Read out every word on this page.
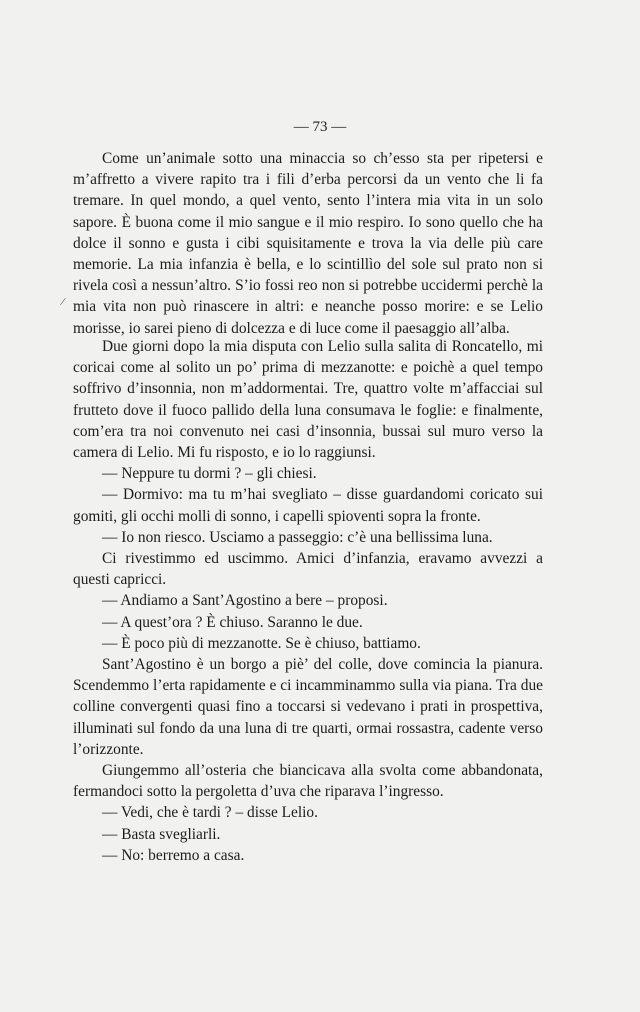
— 73 —
⁄

Come un’animale sotto una minaccia so ch’esso sta per ripetersi e m’affretto a vivere rapito tra i fili d’erba percorsi da un vento che li fa tremare. In quel mondo, a quel vento, sento l’intera mia vita in un solo sapore. È buona come il mio sangue e il mio respiro. Io sono quello che ha dolce il sonno e gusta i cibi squisitamente e trova la via delle più care memorie. La mia infanzia è bella, e lo scintillìo del sole sul prato non si rivela così a nessun’altro. S’io fossi reo non si potrebbe uccidermi perchè la mia vita non può rinascere in altri: e neanche posso morire: e se Lelio morisse, io sarei pieno di dolcezza e di luce come il paesaggio all’alba.

Due giorni dopo la mia disputa con Lelio sulla salita di Roncatello, mi coricai come al solito un po’ prima di mezzanotte: e poichè a quel tempo soffrivo d’insonnia, non m’addormentai. Tre, quattro volte m’affacciai sul frutteto dove il fuoco pallido della luna consumava le foglie: e finalmente, com’era tra noi convenuto nei casi d’insonnia, bussai sul muro verso la camera di Lelio. Mi fu risposto, e io lo raggiunsi.

— Neppure tu dormi ? – gli chiesi.

— Dormivo: ma tu m’hai svegliato – disse guardandomi coricato sui gomiti, gli occhi molli di sonno, i capelli spioventi sopra la fronte.

— Io non riesco. Usciamo a passeggio: c’è una bellissima luna.

Ci rivestimmo ed uscimmo. Amici d’infanzia, eravamo avvezzi a questi capricci.

— Andiamo a Sant’Agostino a bere – proposi.

— A quest’ora ? È chiuso. Saranno le due.

— È poco più di mezzanotte. Se è chiuso, battiamo.

Sant’Agostino è un borgo a piè’ del colle, dove comincia la pianura. Scendemmo l’erta rapidamente e ci incamminammo sulla via piana. Tra due colline convergenti quasi fino a toccarsi si vedevano i prati in prospettiva, illuminati sul fondo da una luna di tre quarti, ormai rossastra, cadente verso l’orizzonte.

Giungemmo all’osteria che biancicava alla svolta come abbandonata, fermandoci sotto la pergoletta d’uva che riparava l’ingresso.

— Vedi, che è tardi ? – disse Lelio.

— Basta svegliarli.

— No: berremo a casa.
